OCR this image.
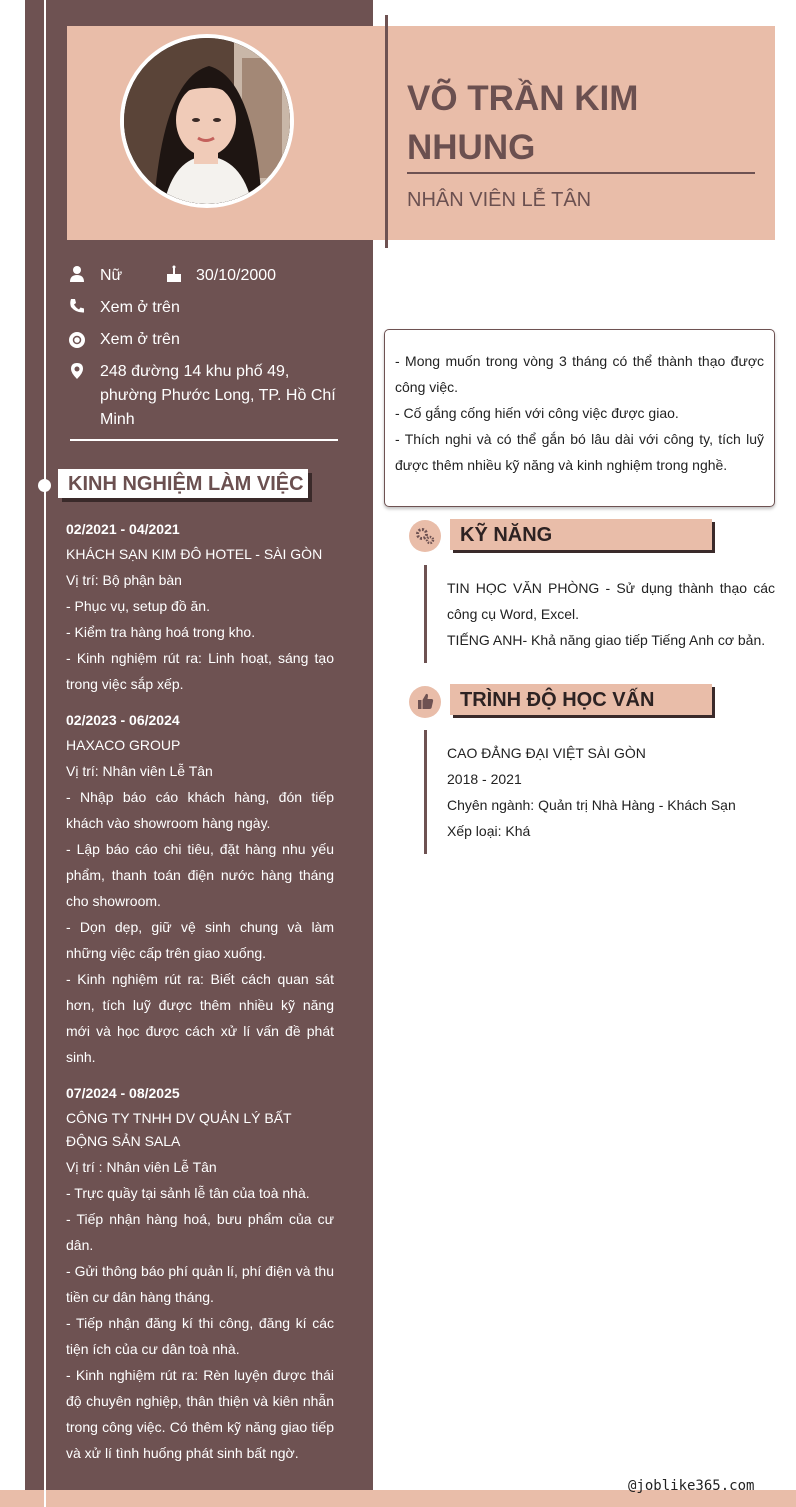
VÕ TRẦN KIM NHUNG
NHÂN VIÊN LỄ TÂN
Nữ	30/10/2000
Xem ở trên
Xem ở trên
248 đường 14 khu phố 49, phường Phước Long, TP. Hồ Chí Minh
KINH NGHIỆM LÀM VIỆC
02/2021 - 04/2021
KHÁCH SẠN KIM ĐÔ HOTEL - SÀI GÒN
Vị trí: Bộ phận bàn
- Phục vụ, setup đồ ăn.
- Kiểm tra hàng hoá trong kho.
- Kinh nghiệm rút ra: Linh hoạt, sáng tạo trong việc sắp xếp.
02/2023 - 06/2024
HAXACO GROUP
Vị trí: Nhân viên Lễ Tân
- Nhập báo cáo khách hàng, đón tiếp khách vào showroom hàng ngày.
- Lập báo cáo chi tiêu, đặt hàng nhu yếu phẩm, thanh toán điện nước hàng tháng cho showroom.
- Dọn dẹp, giữ vệ sinh chung và làm những việc cấp trên giao xuống.
- Kinh nghiệm rút ra: Biết cách quan sát hơn, tích luỹ được thêm nhiều kỹ năng mới và học được cách xử lí vấn đề phát sinh.
07/2024 - 08/2025
CÔNG TY TNHH DV QUẢN LÝ BẤT ĐỘNG SẢN SALA
Vị trí : Nhân viên Lễ Tân
- Trực quầy tại sảnh lễ tân của toà nhà.
- Tiếp nhận hàng hoá, bưu phẩm của cư dân.
- Gửi thông báo phí quản lí, phí điện và thu tiền cư dân hàng tháng.
- Tiếp nhận đăng kí thi công, đăng kí các tiện ích của cư dân toà nhà.
- Kinh nghiệm rút ra: Rèn luyện được thái độ chuyên nghiệp, thân thiện và kiên nhẫn trong công việc. Có thêm kỹ năng giao tiếp và xử lí tình huống phát sinh bất ngờ.
- Mong muốn trong vòng 3 tháng có thể thành thạo được công việc.
- Cố gắng cống hiến với công việc được giao.
- Thích nghi và có thể gắn bó lâu dài với công ty, tích luỹ được thêm nhiều kỹ năng và kinh nghiệm trong nghề.
KỸ NĂNG
TIN HỌC VĂN PHÒNG - Sử dụng thành thạo các công cụ Word, Excel.
TIẾNG ANH- Khả năng giao tiếp Tiếng Anh cơ bản.
TRÌNH ĐỘ HỌC VẤN
CAO ĐẲNG ĐẠI VIỆT SÀI GÒN
2018 - 2021
Chyên ngành: Quản trị Nhà Hàng - Khách Sạn
Xếp loại: Khá
@joblike365.com
